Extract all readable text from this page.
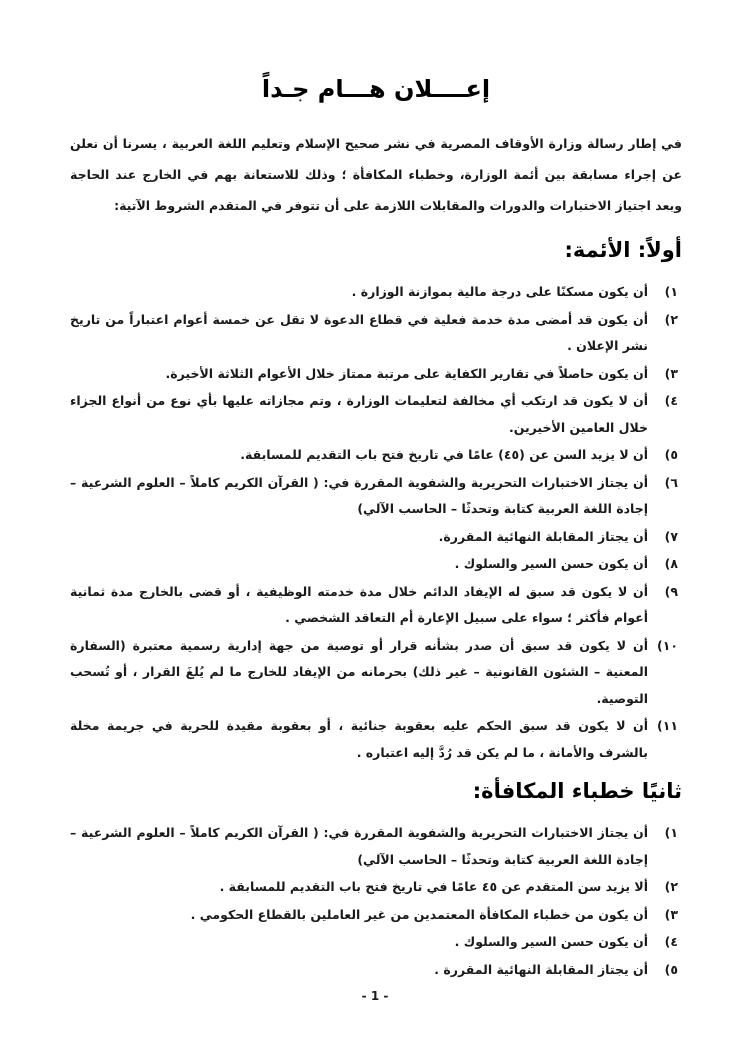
إعــــلان هـــام جـداً

في إطار رسالة وزارة الأوقاف المصرية في نشر صحيح الإسلام وتعليم اللغة العربية ، يسرنا أن نعلن عن إجراء مسابقة بين أئمة الوزارة، وخطباء المكافأة ؛ وذلك للاستعانة بهم في الخارج عند الحاجة وبعد اجتياز الاختبارات والدورات والمقابلات اللازمة على أن تتوفر في المتقدم الشروط الآتية:

أولاً: الأئمة:
١)
أن يكون مسكنًا على درجة مالية بموازنة الوزارة .
٢)
أن يكون قد أمضى مدة خدمة فعلية في قطاع الدعوة لا تقل عن خمسة أعوام اعتباراً من تاريخ نشر الإعلان .
٣)
أن يكون حاصلاً في تقارير الكفاية على مرتبة ممتاز خلال الأعوام الثلاثة الأخيرة.
٤)
أن لا يكون قد ارتكب أي مخالفة لتعليمات الوزارة ، وتم مجازاته عليها بأي نوع من أنواع الجزاء خلال العامين الأخيرين.
٥)
أن لا يزيد السن عن (٤٥) عامًا في تاريخ فتح باب التقديم للمسابقة.
٦)
أن يجتاز الاختبارات التحريرية والشفوية المقررة في: ( القرآن الكريم كاملاً – العلوم الشرعية – إجادة اللغة العربية كتابة وتحدثًا – الحاسب الآلي)
٧)
أن يجتاز المقابلة النهائية المقررة.
٨)
أن يكون حسن السير والسلوك .
٩)
أن لا يكون قد سبق له الإيفاد الدائم خلال مدة خدمته الوظيفية ، أو قضى بالخارج مدة ثمانية أعوام فأكثر ؛ سواء على سبيل الإعارة أم التعاقد الشخصي .
١٠)
أن لا يكون قد سبق أن صدر بشأنه قرار أو توصية من جهة إدارية رسمية معتبرة (السفارة المعنية – الشئون القانونية – غير ذلك) بحرمانه من الإيفاد للخارج ما لم يُلغَ القرار ، أو تُسحب التوصية.
١١)
أن لا يكون قد سبق الحكم عليه بعقوبة جنائية ، أو بعقوبة مقيدة للحرية في جريمة مخلة بالشرف والأمانة ، ما لم يكن قد رُدَّ إليه اعتباره .
ثانيًا خطباء المكافأة:
١)
أن يجتاز الاختبارات التحريرية والشفوية المقررة في: ( القرآن الكريم كاملاً – العلوم الشرعية – إجادة اللغة العربية كتابة وتحدثًا – الحاسب الآلي)
٢)
ألا يزيد سن المتقدم عن ٤٥ عامًا في تاريخ فتح باب التقديم للمسابقة .
٣)
أن يكون من خطباء المكافأة المعتمدين من غير العاملين بالقطاع الحكومي .
٤)
أن يكون حسن السير والسلوك .
٥)
أن يجتاز المقابلة النهائية المقررة .
- 1 -
